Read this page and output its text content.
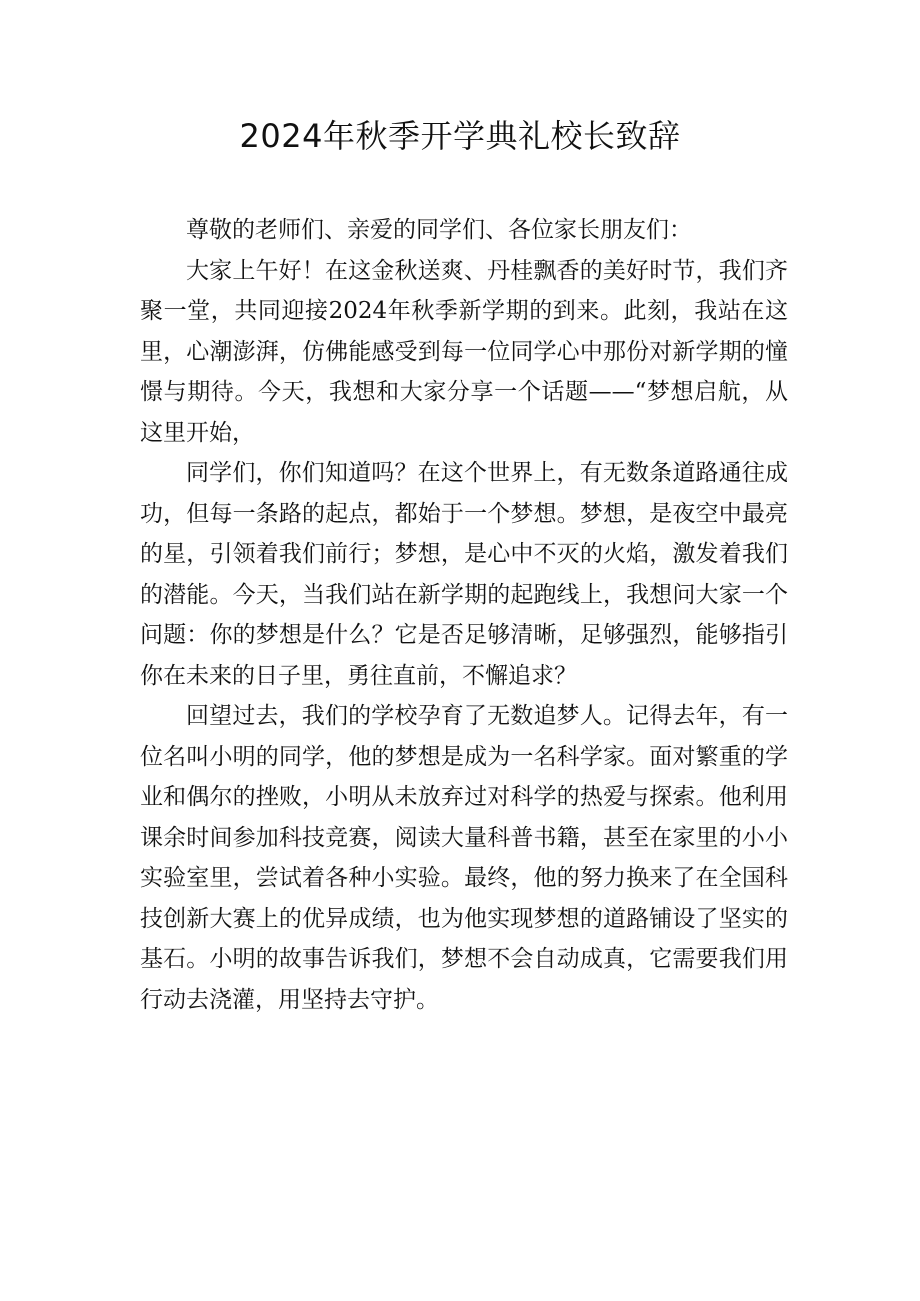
2024年秋季开学典礼校长致辞

尊敬的老师们、亲爱的同学们、各位家长朋友们：

大家上午好！在这金秋送爽、丹桂飘香的美好时节，我们齐聚一堂，共同迎接2024年秋季新学期的到来。此刻，我站在这里，心潮澎湃，仿佛能感受到每一位同学心中那份对新学期的憧憬与期待。今天，我想和大家分享一个话题——“梦想启航，从这里开始，

同学们，你们知道吗？在这个世界上，有无数条道路通往成功，但每一条路的起点，都始于一个梦想。梦想，是夜空中最亮的星，引领着我们前行；梦想，是心中不灭的火焰，激发着我们的潜能。今天，当我们站在新学期的起跑线上，我想问大家一个问题：你的梦想是什么？它是否足够清晰，足够强烈，能够指引你在未来的日子里，勇往直前，不懈追求？

回望过去，我们的学校孕育了无数追梦人。记得去年，有一位名叫小明的同学，他的梦想是成为一名科学家。面对繁重的学业和偶尔的挫败，小明从未放弃过对科学的热爱与探索。他利用课余时间参加科技竞赛，阅读大量科普书籍，甚至在家里的小小实验室里，尝试着各种小实验。最终，他的努力换来了在全国科技创新大赛上的优异成绩，也为他实现梦想的道路铺设了坚实的基石。小明的故事告诉我们，梦想不会自动成真，它需要我们用行动去浇灌，用坚持去守护。
